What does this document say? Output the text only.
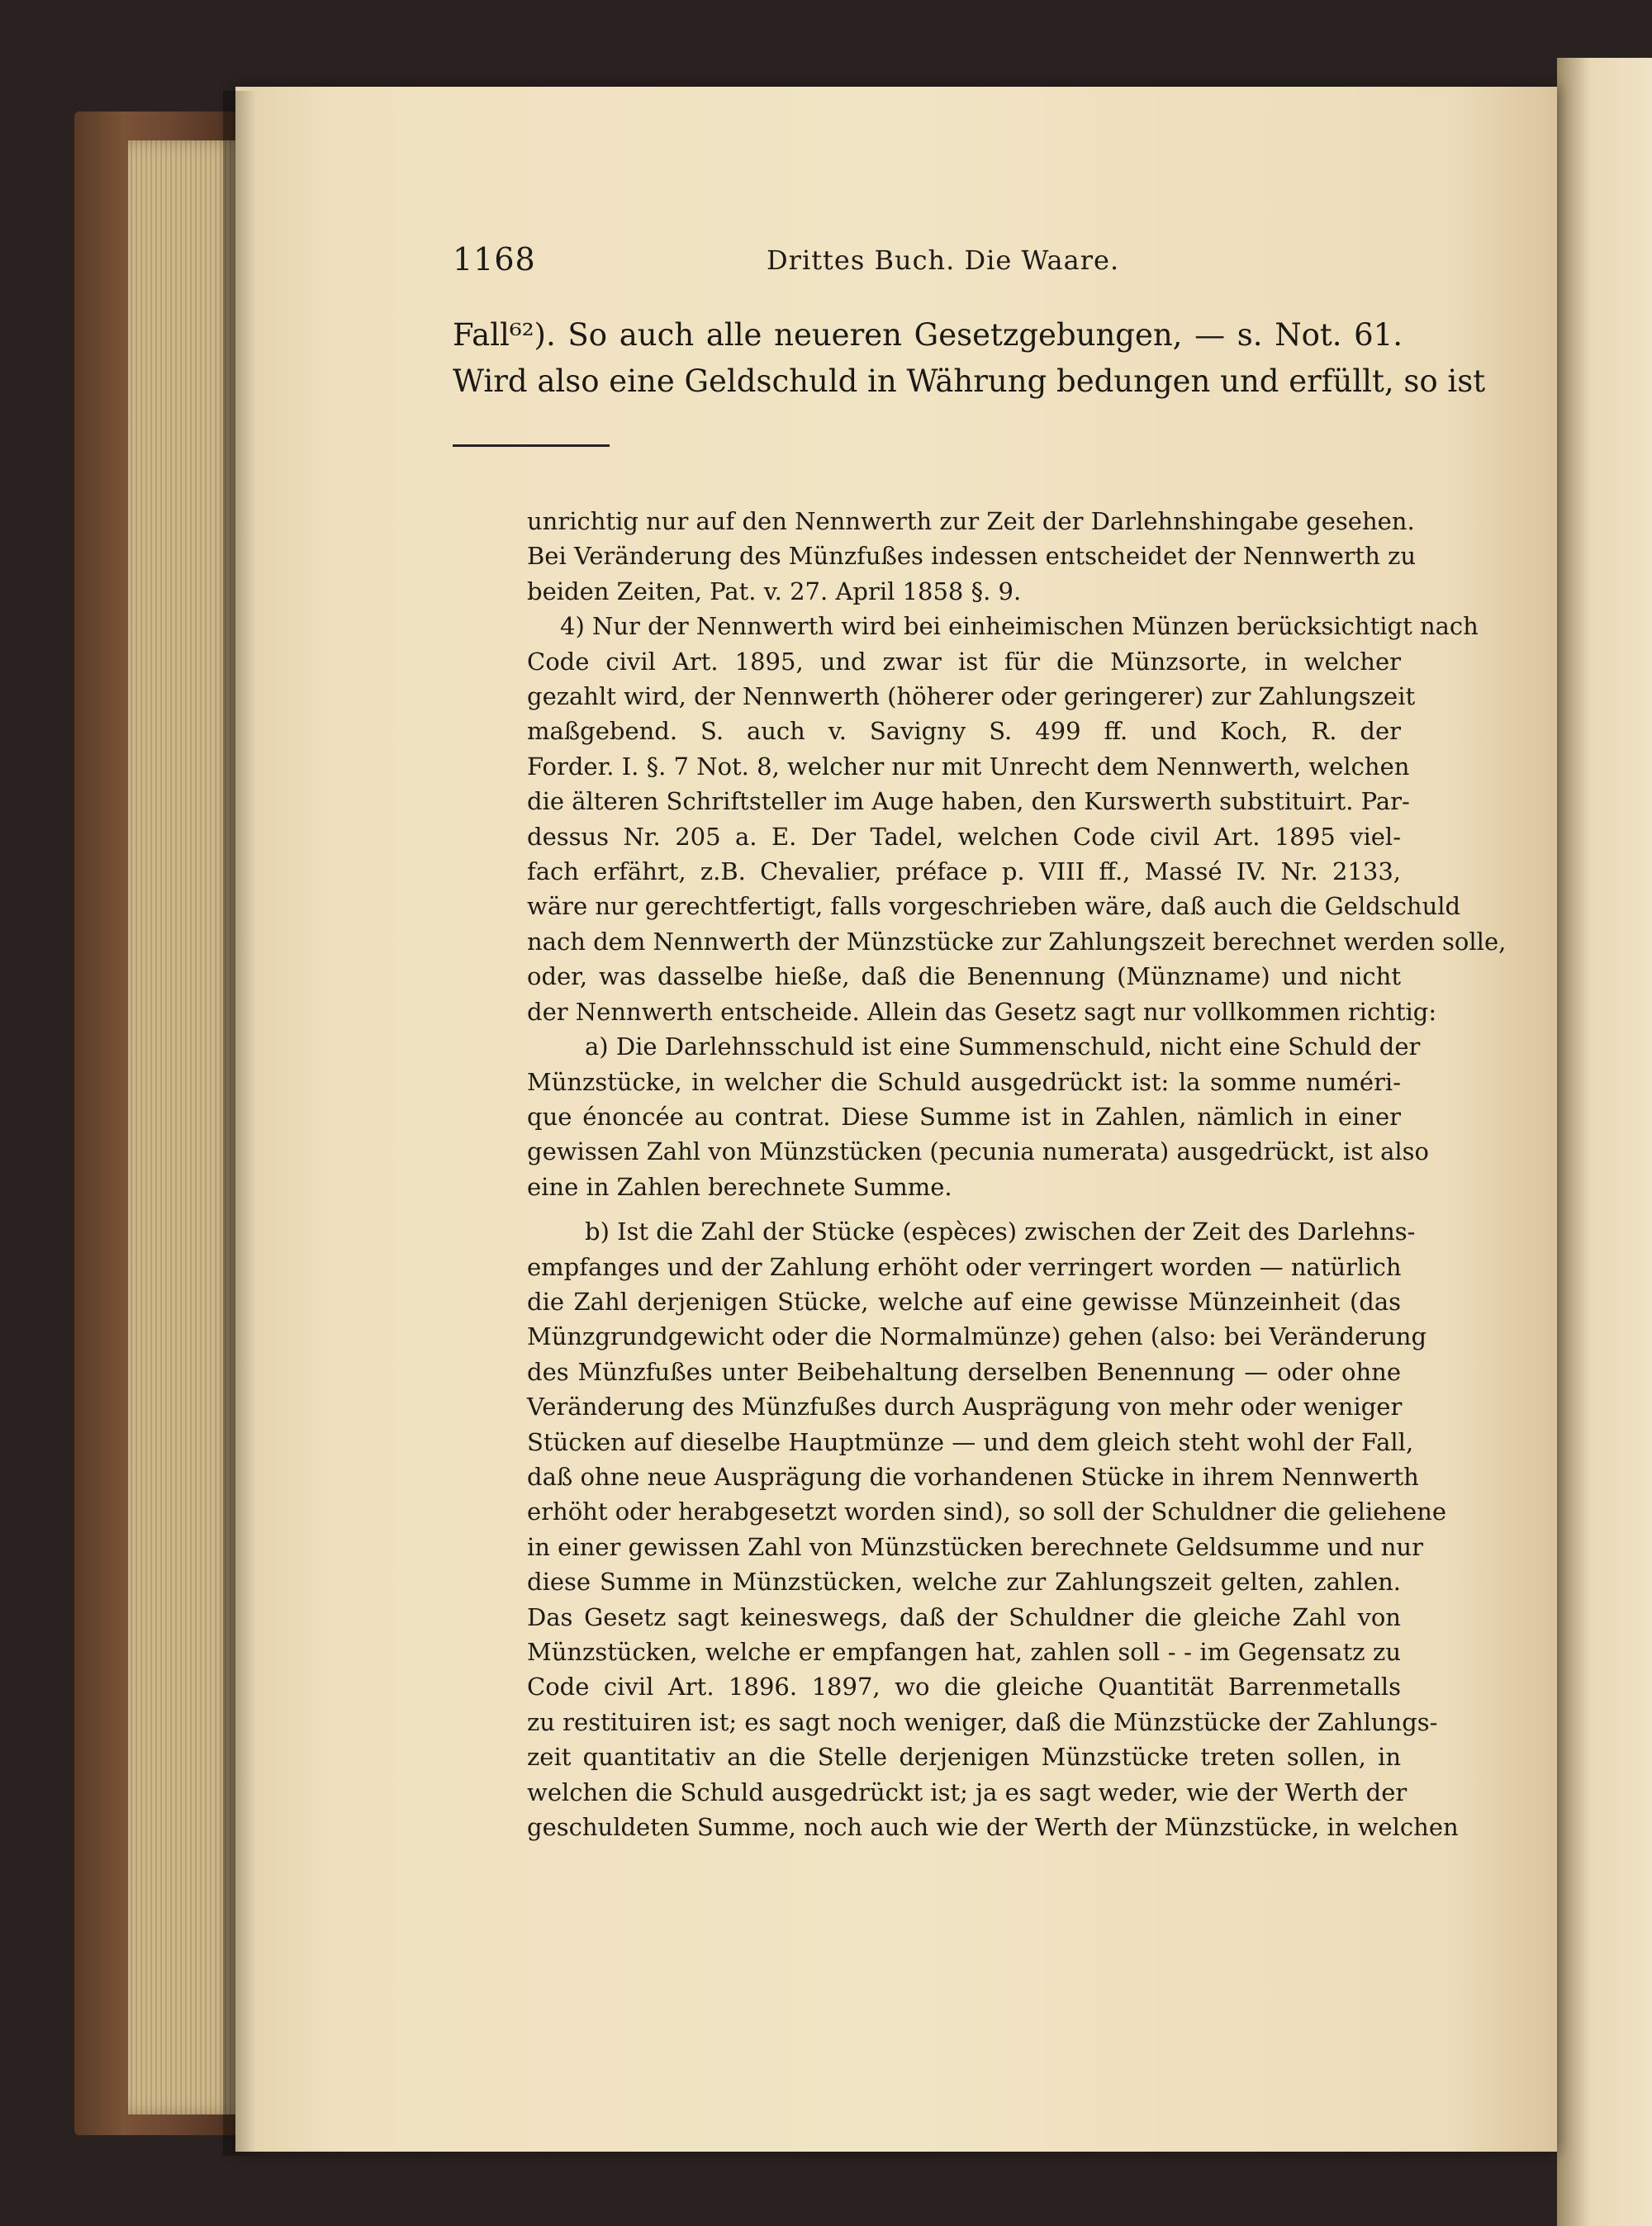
1168	Drittes Buch. Die Waare.
Fall⁶²). So auch alle neueren Gesetzgebungen, — s. Not. 61.
Wird also eine Geldschuld in Währung bedungen und erfüllt, so ist
unrichtig nur auf den Nennwerth zur Zeit der Darlehnshingabe gesehen.
Bei Veränderung des Münzfußes indessen entscheidet der Nennwerth zu
beiden Zeiten, Pat. v. 27. April 1858 §. 9.
4) Nur der Nennwerth wird bei einheimischen Münzen berücksichtigt nach
Code civil Art. 1895, und zwar ist für die Münzsorte, in welcher
gezahlt wird, der Nennwerth (höherer oder geringerer) zur Zahlungszeit
maßgebend. S. auch v. Savigny S. 499 ff. und Koch, R. der
Forder. I. §. 7 Not. 8, welcher nur mit Unrecht dem Nennwerth, welchen
die älteren Schriftsteller im Auge haben, den Kurswerth substituirt. Par-
dessus Nr. 205 a. E. Der Tadel, welchen Code civil Art. 1895 viel-
fach erfährt, z.B. Chevalier, préface p. VIII ff., Massé IV. Nr. 2133,
wäre nur gerechtfertigt, falls vorgeschrieben wäre, daß auch die Geldschuld
nach dem Nennwerth der Münzstücke zur Zahlungszeit berechnet werden solle,
oder, was dasselbe hieße, daß die Benennung (Münzname) und nicht
der Nennwerth entscheide. Allein das Gesetz sagt nur vollkommen richtig:
a) Die Darlehnsschuld ist eine Summenschuld, nicht eine Schuld der
Münzstücke, in welcher die Schuld ausgedrückt ist: la somme numéri-
que énoncée au contrat. Diese Summe ist in Zahlen, nämlich in einer
gewissen Zahl von Münzstücken (pecunia numerata) ausgedrückt, ist also
eine in Zahlen berechnete Summe.
b) Ist die Zahl der Stücke (espèces) zwischen der Zeit des Darlehns-
empfanges und der Zahlung erhöht oder verringert worden — natürlich
die Zahl derjenigen Stücke, welche auf eine gewisse Münzeinheit (das
Münzgrundgewicht oder die Normalmünze) gehen (also: bei Veränderung
des Münzfußes unter Beibehaltung derselben Benennung — oder ohne
Veränderung des Münzfußes durch Ausprägung von mehr oder weniger
Stücken auf dieselbe Hauptmünze — und dem gleich steht wohl der Fall,
daß ohne neue Ausprägung die vorhandenen Stücke in ihrem Nennwerth
erhöht oder herabgesetzt worden sind), so soll der Schuldner die geliehene
in einer gewissen Zahl von Münzstücken berechnete Geldsumme und nur
diese Summe in Münzstücken, welche zur Zahlungszeit gelten, zahlen.
Das Gesetz sagt keineswegs, daß der Schuldner die gleiche Zahl von
Münzstücken, welche er empfangen hat, zahlen soll - - im Gegensatz zu
Code civil Art. 1896. 1897, wo die gleiche Quantität Barrenmetalls
zu restituiren ist; es sagt noch weniger, daß die Münzstücke der Zahlungs-
zeit quantitativ an die Stelle derjenigen Münzstücke treten sollen, in
welchen die Schuld ausgedrückt ist; ja es sagt weder, wie der Werth der
geschuldeten Summe, noch auch wie der Werth der Münzstücke, in welchen
